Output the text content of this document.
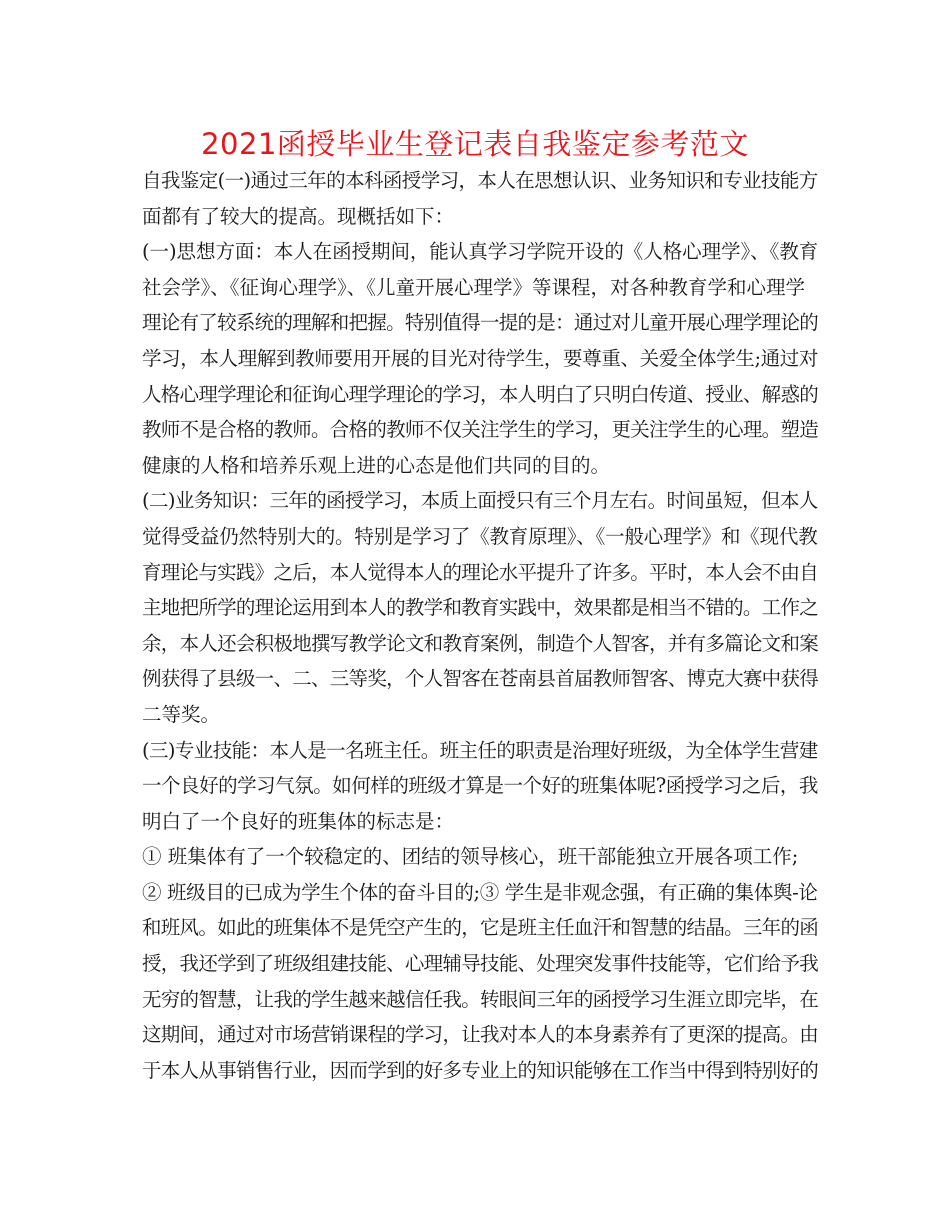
2021函授毕业生登记表自我鉴定参考范文
自我鉴定(一)通过三年的本科函授学习，本人在思想认识、业务知识和专业技能方
面都有了较大的提高。现概括如下：
(一)思想方面：本人在函授期间，能认真学习学院开设的《人格心理学》、《教育
社会学》、《征询心理学》、《儿童开展心理学》等课程，对各种教育学和心理学
理论有了较系统的理解和把握。特别值得一提的是：通过对儿童开展心理学理论的
学习，本人理解到教师要用开展的目光对待学生，要尊重、关爱全体学生;通过对
人格心理学理论和征询心理学理论的学习，本人明白了只明白传道、授业、解惑的
教师不是合格的教师。合格的教师不仅关注学生的学习，更关注学生的心理。塑造
健康的人格和培养乐观上进的心态是他们共同的目的。
(二)业务知识：三年的函授学习，本质上面授只有三个月左右。时间虽短，但本人
觉得受益仍然特别大的。特别是学习了《教育原理》、《一般心理学》和《现代教
育理论与实践》之后，本人觉得本人的理论水平提升了许多。平时，本人会不由自
主地把所学的理论运用到本人的教学和教育实践中，效果都是相当不错的。工作之
余，本人还会积极地撰写教学论文和教育案例，制造个人智客，并有多篇论文和案
例获得了县级一、二、三等奖，个人智客在苍南县首届教师智客、博克大赛中获得
二等奖。
(三)专业技能：本人是一名班主任。班主任的职责是治理好班级，为全体学生营建
一个良好的学习气氛。如何样的班级才算是一个好的班集体呢?函授学习之后，我
明白了一个良好的班集体的标志是：
① 班集体有了一个较稳定的、团结的领导核心，班干部能独立开展各项工作;
② 班级目的已成为学生个体的奋斗目的;③ 学生是非观念强，有正确的集体舆-论
和班风。如此的班集体不是凭空产生的，它是班主任血汗和智慧的结晶。三年的函
授，我还学到了班级组建技能、心理辅导技能、处理突发事件技能等，它们给予我
无穷的智慧，让我的学生越来越信任我。转眼间三年的函授学习生涯立即完毕，在
这期间，通过对市场营销课程的学习，让我对本人的本身素养有了更深的提高。由
于本人从事销售行业，因而学到的好多专业上的知识能够在工作当中得到特别好的
